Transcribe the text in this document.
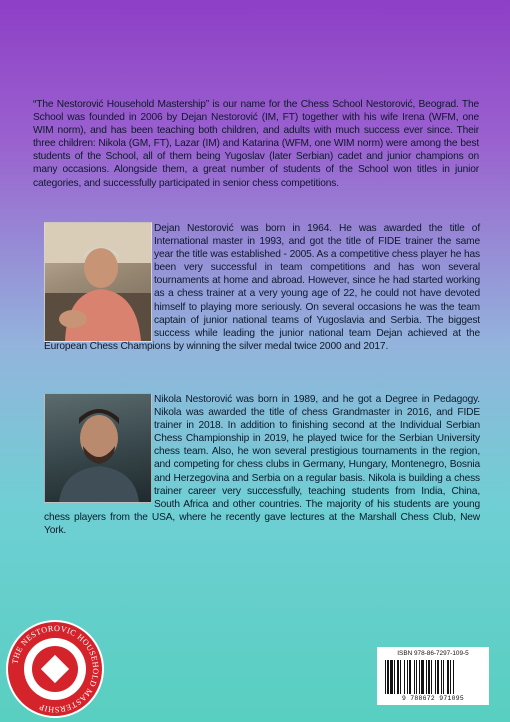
“The Nestorović Household Mastership” is our name for the Chess School Nestorović, Beograd. The School was founded in 2006 by Dejan Nestorović (IM, FT) together with his wife Irena (WFM, one WIM norm), and has been teaching both children, and adults with much success ever since. Their three children: Nikola (GM, FT), Lazar (IM) and Katarina (WFM, one WIM norm) were among the best students of the School, all of them being Yugoslav (later Serbian) cadet and junior champions on many occasions. Alongside them, a great number of students of the School won titles in junior categories, and successfully participated in senior chess competitions.

Dejan Nestorović was born in 1964. He was awarded the title of International master in 1993, and got the title of FIDE trainer the same year the title was established - 2005. As a competitive chess player he has been very successful in team competitions and has won several tournaments at home and abroad. However, since he had started working as a chess trainer at a very young age of 22, he could not have devoted himself to playing more seriously. On several occasions he was the team captain of junior national teams of Yugoslavia and Serbia. The biggest success while leading the junior national team Dejan achieved at the European Chess Champions by winning the silver medal twice 2000 and 2017.

Nikola Nestorović was born in 1989, and he got a Degree in Pedagogy. Nikola was awarded the title of chess Grandmaster in 2016, and FIDE trainer in 2018. In addition to finishing second at the Individual Serbian Chess Championship in 2019, he played twice for the Serbian University chess team. Also, he won several prestigious tournaments in the region, and competing for chess clubs in Germany, Hungary, Montenegro, Bosnia and Herzegovina and Serbia on a regular basis. Nikola is building a chess trainer career very successfully, teaching students from India, China, South Africa and other countries. The majority of his students are young chess players from the USA, where he recently gave lectures at the Marshall Chess Club, New York.

THE NESTOROVIC HOUSEHOLD MASTERSHIP
ISBN 978-86-7297-109-5
9 788672 971095
